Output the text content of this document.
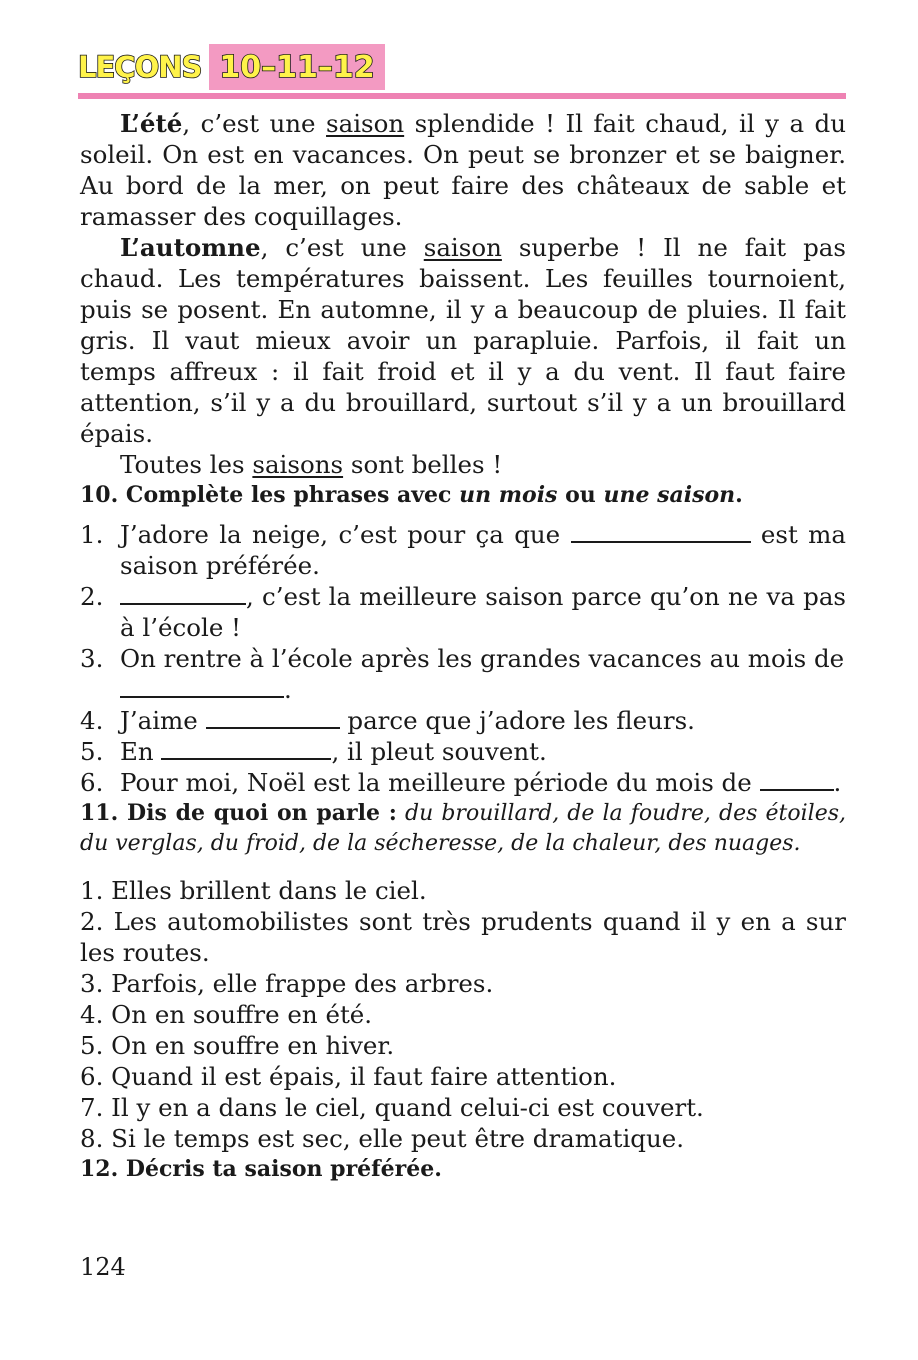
LEÇONS 10–11–12

L’été, c’est une saison splendide ! Il fait chaud, il y a du soleil. On est en vacances. On peut se bronzer et se baigner. Au bord de la mer, on peut faire des châteaux de sable et ramasser des coquillages.

L’automne, c’est une saison superbe ! Il ne fait pas chaud. Les températures baissent. Les feuilles tournoient, puis se posent. En automne, il y a beaucoup de pluies. Il fait gris. Il vaut mieux avoir un parapluie. Parfois, il fait un temps affreux : il fait froid et il y a du vent. Il faut faire attention, s’il y a du brouillard, surtout s’il y a un brouillard épais.

Toutes les saisons sont belles !

10. Complète les phrases avec un mois ou une saison.

1. J’adore la neige, c’est pour ça que	est ma saison préférée.
2.	, c’est la meilleure saison parce qu’on ne va pas à l’école !
3. On rentre à l’école après les grandes vacances au mois de
.
4. J’aime	parce que j’adore les fleurs.
5. En	, il pleut souvent.
6. Pour moi, Noël est la meilleure période du mois de	.

11. Dis de quoi on parle : du brouillard, de la foudre, des étoiles, du verglas, du froid, de la sécheresse, de la chaleur, des nuages.

1. Elles brillent dans le ciel.
2. Les automobilistes sont très prudents quand il y en a sur les routes.
3. Parfois, elle frappe des arbres.
4. On en souffre en été.
5. On en souffre en hiver.
6. Quand il est épais, il faut faire attention.
7. Il y en a dans le ciel, quand celui-ci est couvert.
8. Si le temps est sec, elle peut être dramatique.

12. Décris ta saison préférée.

124
